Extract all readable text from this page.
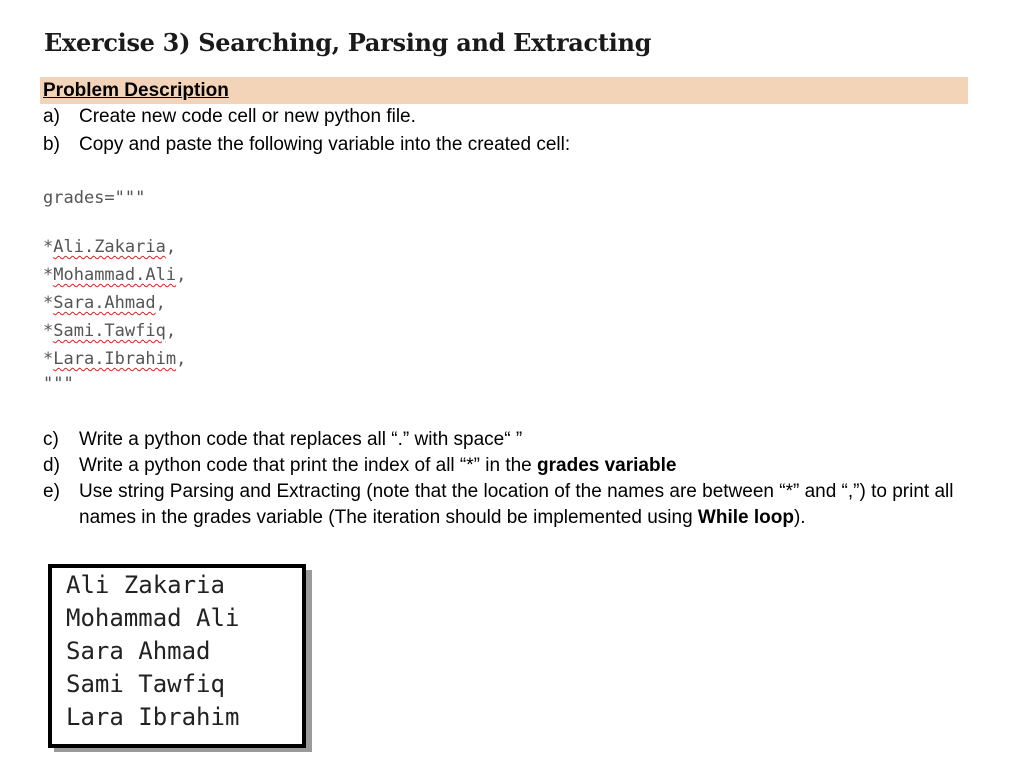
Exercise 3) Searching, Parsing and Extracting
Problem Description
a) Create new code cell or new python file.
b) Copy and paste the following variable into the created cell:
grades="""
*Ali.Zakaria,
*Mohammad.Ali,
*Sara.Ahmad,
*Sami.Tawfiq,
*Lara.Ibrahim,
"""
c) Write a python code that replaces all “.” with space“ ”
d) Write a python code that print the index of all “*” in the grades variable
e) Use string Parsing and Extracting (note that the location of the names are between “*” and “,”) to print all names in the grades variable (The iteration should be implemented using While loop).
Ali Zakaria
Mohammad Ali
Sara Ahmad
Sami Tawfiq
Lara Ibrahim
